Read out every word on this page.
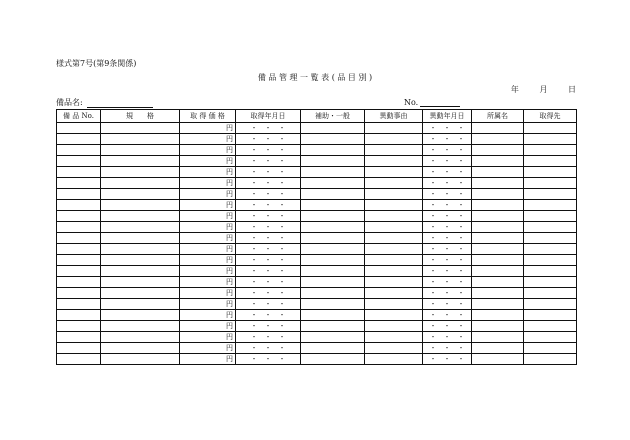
様式第7号(第9条関係)
備 品 管 理 一 覧 表 ( 品 目 別 )
年	月	日
備品名:	No.
備 品 No.	規　　格	取 得 価 格	取得年月日	補助・一般	異動事由	異動年月日	所属名	取得先
		円	・　・　・			・　・　・		
		円	・　・　・			・　・　・		
		円	・　・　・			・　・　・		
		円	・　・　・			・　・　・		
		円	・　・　・			・　・　・		
		円	・　・　・			・　・　・		
		円	・　・　・			・　・　・		
		円	・　・　・			・　・　・		
		円	・　・　・			・　・　・		
		円	・　・　・			・　・　・		
		円	・　・　・			・　・　・		
		円	・　・　・			・　・　・		
		円	・　・　・			・　・　・		
		円	・　・　・			・　・　・		
		円	・　・　・			・　・　・		
		円	・　・　・			・　・　・		
		円	・　・　・			・　・　・		
		円	・　・　・			・　・　・		
		円	・　・　・			・　・　・		
		円	・　・　・			・　・　・		
		円	・　・　・			・　・　・		
		円	・　・　・			・　・　・		
